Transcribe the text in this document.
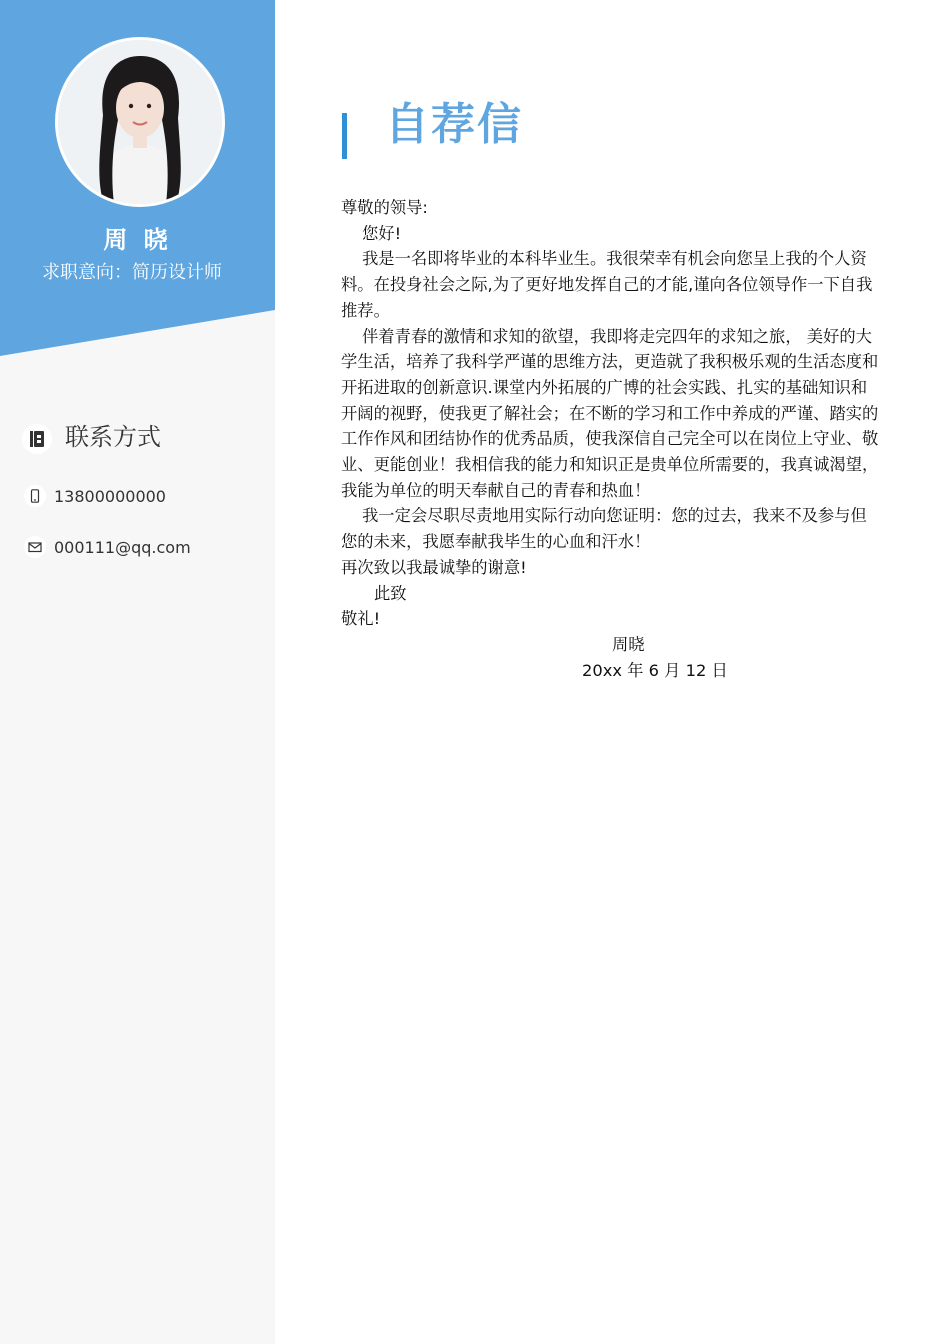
周 晓
求职意向：简历设计师
联系方式
13800000000
000111@qq.com
自荐信

尊敬的领导:

您好!

我是一名即将毕业的本科毕业生。我很荣幸有机会向您呈上我的个人资料。在投身社会之际,为了更好地发挥自己的才能,谨向各位领导作一下自我推荐。

伴着青春的激情和求知的欲望，我即将走完四年的求知之旅， 美好的大学生活，培养了我科学严谨的思维方法，更造就了我积极乐观的生活态度和开拓进取的创新意识.课堂内外拓展的广博的社会实践、扎实的基础知识和开阔的视野，使我更了解社会；在不断的学习和工作中养成的严谨、踏实的工作作风和团结协作的优秀品质，使我深信自己完全可以在岗位上守业、敬业、更能创业！我相信我的能力和知识正是贵单位所需要的，我真诚渴望，我能为单位的明天奉献自己的青春和热血！

我一定会尽职尽责地用实际行动向您证明：您的过去，我来不及参与但您的未来，我愿奉献我毕生的心血和汗水！

再次致以我最诚挚的谢意!

此致

敬礼!

周晓
20xx 年 6 月 12 日
